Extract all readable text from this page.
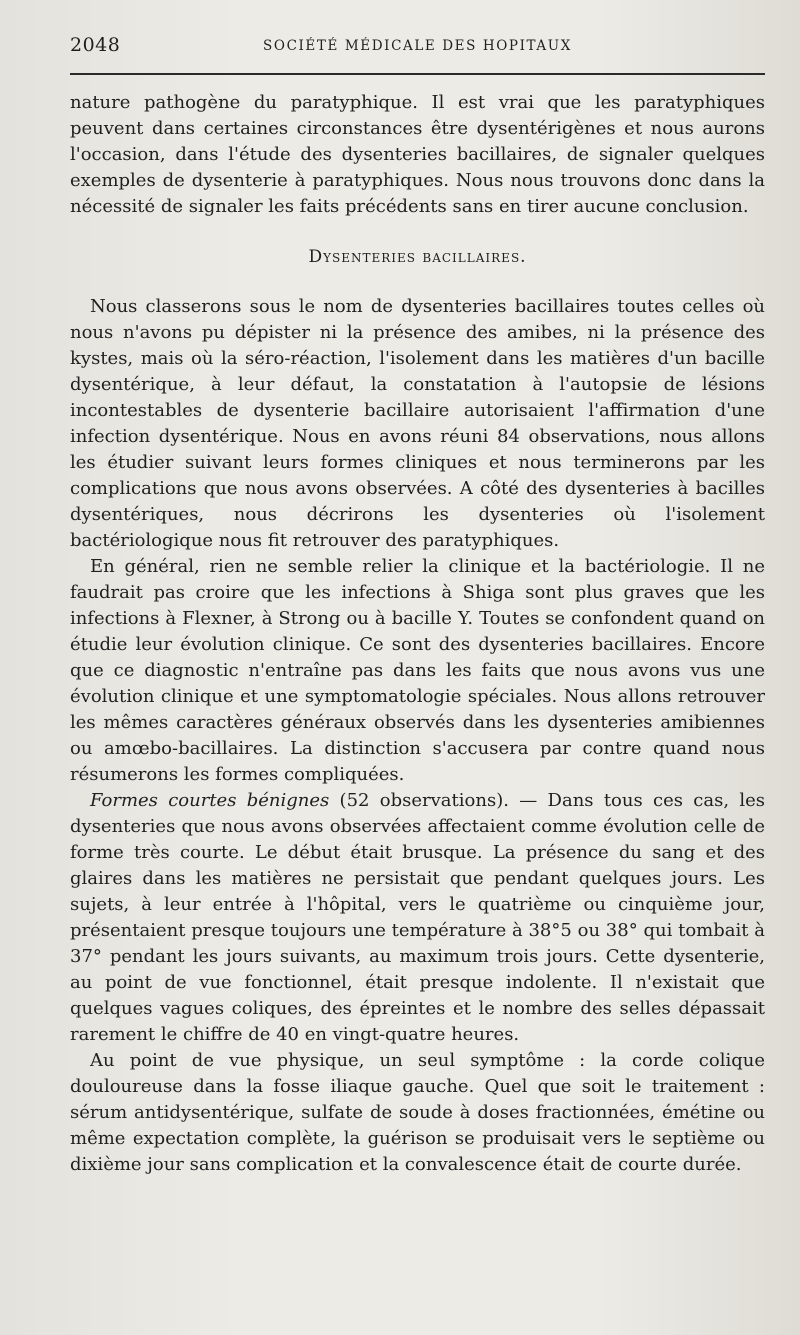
2048	SOCIÉTÉ MÉDICALE DES HOPITAUX

nature pathogène du paratyphique. Il est vrai que les paratyphiques peuvent dans certaines circonstances être dysentérigènes et nous aurons l'occasion, dans l'étude des dysenteries bacillaires, de signaler quelques exemples de dysenterie à paratyphiques. Nous nous trouvons donc dans la nécessité de signaler les faits précédents sans en tirer aucune conclusion.

Dysenteries bacillaires.

Nous classerons sous le nom de dysenteries bacillaires toutes celles où nous n'avons pu dépister ni la présence des amibes, ni la présence des kystes, mais où la séro-réaction, l'isolement dans les matières d'un bacille dysentérique, à leur défaut, la constatation à l'autopsie de lésions incontestables de dysenterie bacillaire autorisaient l'affirmation d'une infection dysentérique. Nous en avons réuni 84 observations, nous allons les étudier suivant leurs formes cliniques et nous terminerons par les complications que nous avons observées. A côté des dysenteries à bacilles dysentériques, nous décrirons les dysenteries où l'isolement bactériologique nous fit retrouver des paratyphiques.

En général, rien ne semble relier la clinique et la bactériologie. Il ne faudrait pas croire que les infections à Shiga sont plus graves que les infections à Flexner, à Strong ou à bacille Y. Toutes se confondent quand on étudie leur évolution clinique. Ce sont des dysenteries bacillaires. Encore que ce diagnostic n'entraîne pas dans les faits que nous avons vus une évolution clinique et une symptomatologie spéciales. Nous allons retrouver les mêmes caractères généraux observés dans les dysenteries amibiennes ou amœbo-bacillaires. La distinction s'accusera par contre quand nous résumerons les formes compliquées.

Formes courtes bénignes (52 observations). — Dans tous ces cas, les dysenteries que nous avons observées affectaient comme évolution celle de forme très courte. Le début était brusque. La présence du sang et des glaires dans les matières ne persistait que pendant quelques jours. Les sujets, à leur entrée à l'hôpital, vers le quatrième ou cinquième jour, présentaient presque toujours une température à 38°5 ou 38° qui tombait à 37° pendant les jours suivants, au maximum trois jours. Cette dysenterie, au point de vue fonctionnel, était presque indolente. Il n'existait que quelques vagues coliques, des épreintes et le nombre des selles dépassait rarement le chiffre de 40 en vingt-quatre heures.

Au point de vue physique, un seul symptôme : la corde colique douloureuse dans la fosse iliaque gauche. Quel que soit le traitement : sérum antidysentérique, sulfate de soude à doses fractionnées, émétine ou même expectation complète, la guérison se produisait vers le septième ou dixième jour sans complication et la convalescence était de courte durée.
